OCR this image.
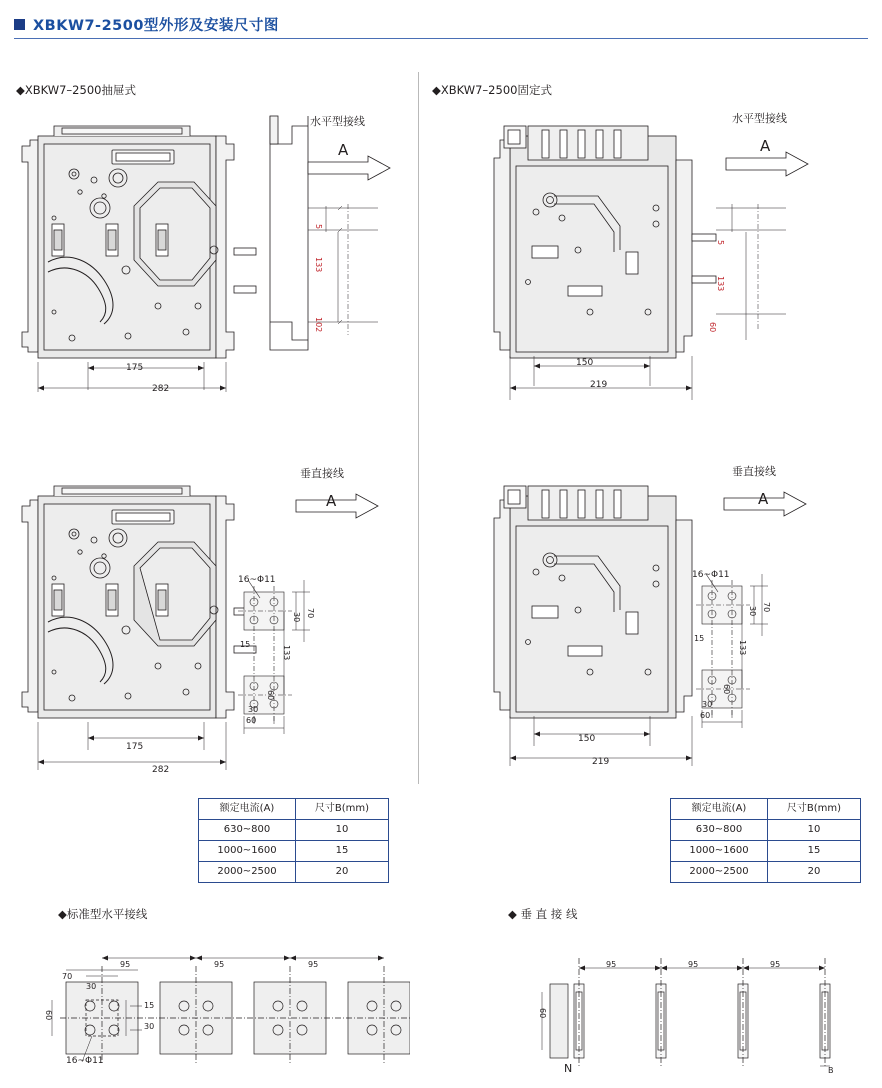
XBKW7-2500型外形及安装尺寸图
◆XBKW7–2500抽屉式	◆XBKW7–2500固定式
A
水平型接线
5
133
102
175
282
A
水平型接线
5
133
60
150
219
A
垂直接线
16~Φ11
30 70
15
133
60
30
60
175
282
A
垂直接线
16~Φ11
30 70
15
133
60
30
60
150
219
额定电流(A)	尺寸B(mm)
630~800	10
1000~1600	15
2000~2500	20
额定电流(A)	尺寸B(mm)
630~800	10
1000~1600	15
2000~2500	20
◆标准型水平接线	◆ 垂 直 接 线
95	95	95
70
30
60
15
30
16~Φ11
95	95	95
60
B
N
